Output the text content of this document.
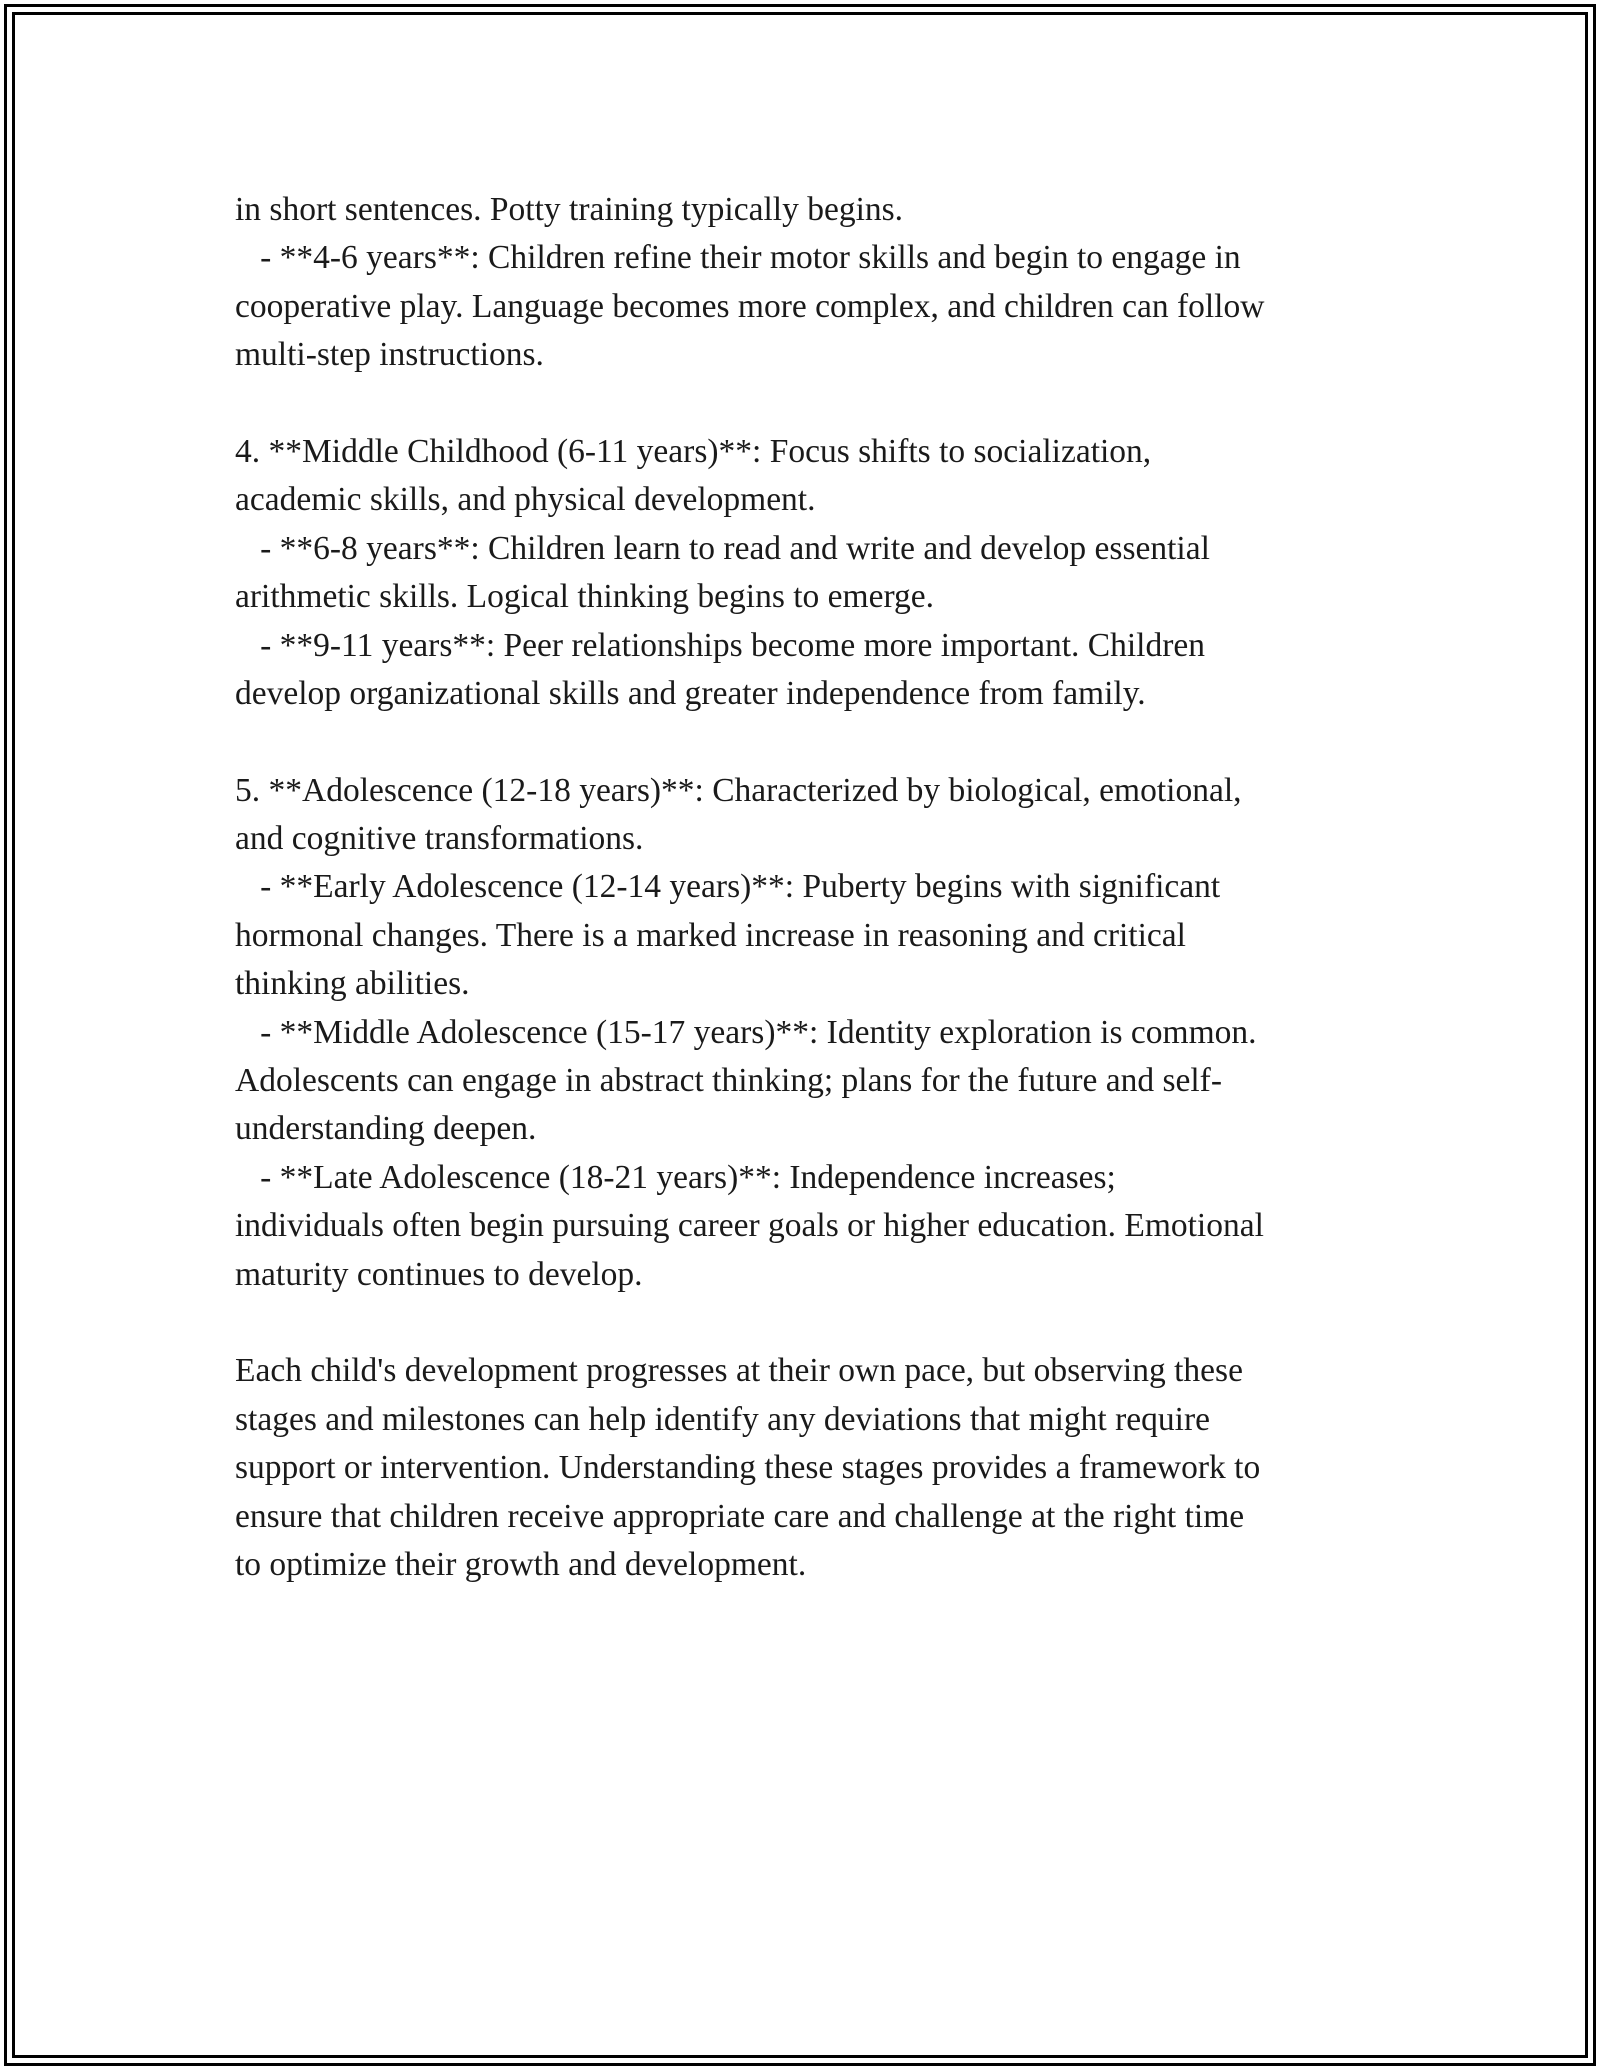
in short sentences. Potty training typically begins.
- **4-6 years**: Children refine their motor skills and begin to engage in
cooperative play. Language becomes more complex, and children can follow
multi-step instructions.
4. **Middle Childhood (6-11 years)**: Focus shifts to socialization,
academic skills, and physical development.
- **6-8 years**: Children learn to read and write and develop essential
arithmetic skills. Logical thinking begins to emerge.
- **9-11 years**: Peer relationships become more important. Children
develop organizational skills and greater independence from family.
5. **Adolescence (12-18 years)**: Characterized by biological, emotional,
and cognitive transformations.
- **Early Adolescence (12-14 years)**: Puberty begins with significant
hormonal changes. There is a marked increase in reasoning and critical
thinking abilities.
- **Middle Adolescence (15-17 years)**: Identity exploration is common.
Adolescents can engage in abstract thinking; plans for the future and self-
understanding deepen.
- **Late Adolescence (18-21 years)**: Independence increases;
individuals often begin pursuing career goals or higher education. Emotional
maturity continues to develop.
Each child's development progresses at their own pace, but observing these
stages and milestones can help identify any deviations that might require
support or intervention. Understanding these stages provides a framework to
ensure that children receive appropriate care and challenge at the right time
to optimize their growth and development.
